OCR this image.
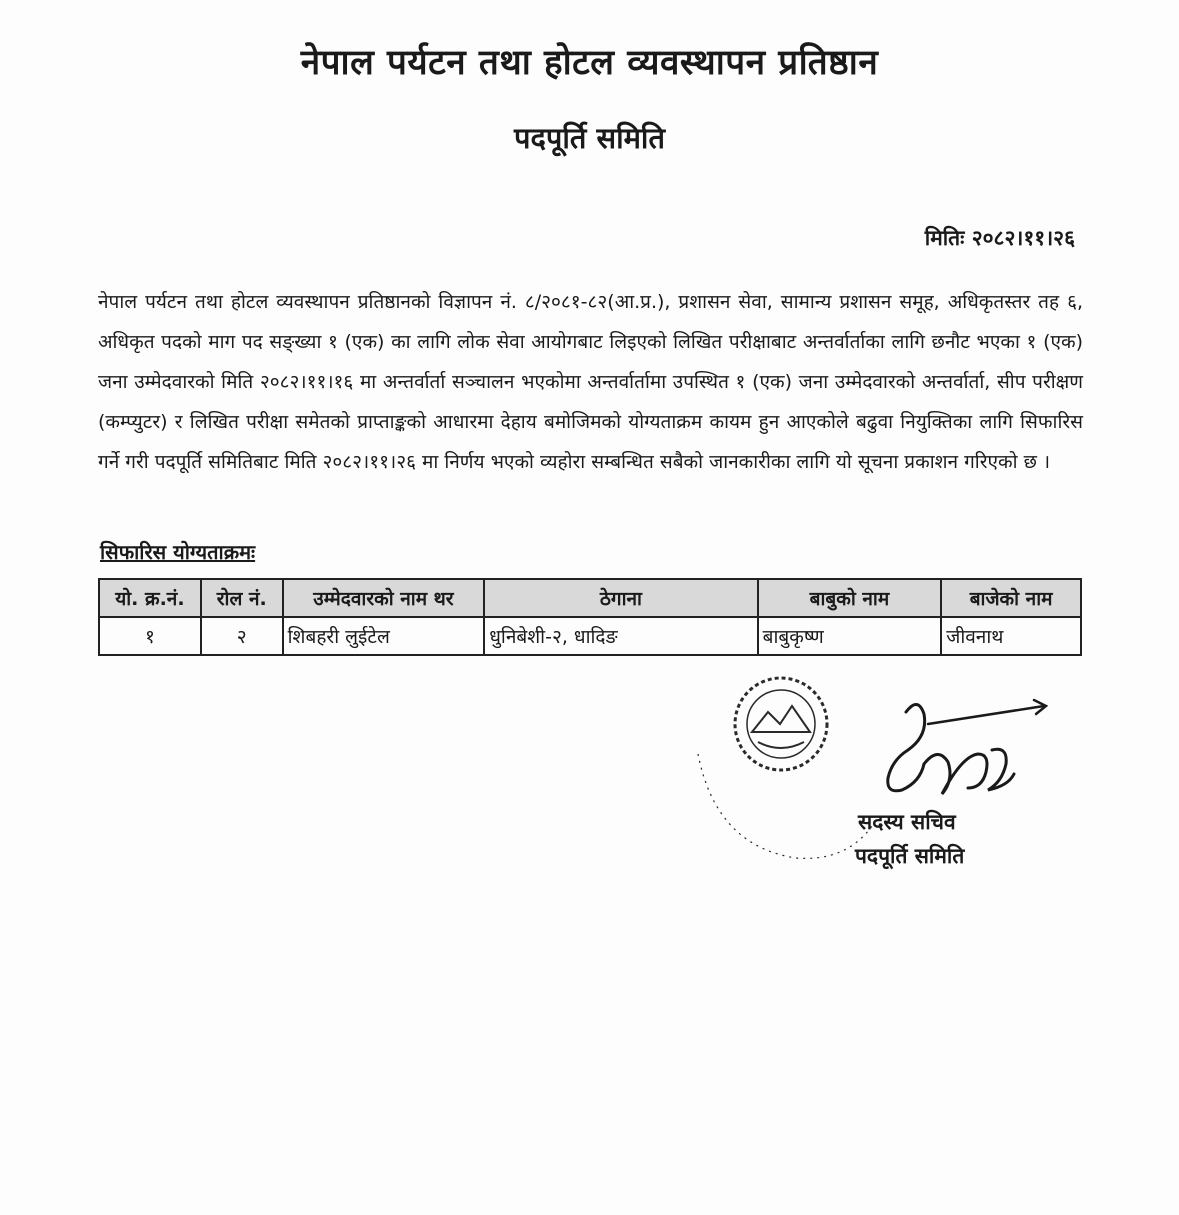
नेपाल पर्यटन तथा होटल व्यवस्थापन प्रतिष्ठान
पदपूर्ति समिति
मितिः २०८२।११।२६
नेपाल पर्यटन तथा होटल व्यवस्थापन प्रतिष्ठानको विज्ञापन नं. ८/२०८१-८२(आ.प्र.), प्रशासन सेवा, सामान्य प्रशासन समूह, अधिकृतस्तर तह ६, अधिकृत पदको माग पद सङ्ख्या १ (एक) का लागि लोक सेवा आयोगबाट लिइएको लिखित परीक्षाबाट अन्तर्वार्ताका लागि छनौट भएका १ (एक) जना उम्मेदवारको मिति २०८२।११।१६ मा अन्तर्वार्ता सञ्चालन भएकोमा अन्तर्वार्तामा उपस्थित १ (एक) जना उम्मेदवारको अन्तर्वार्ता, सीप परीक्षण (कम्प्युटर) र लिखित परीक्षा समेतको प्राप्ताङ्कको आधारमा देहाय बमोजिमको योग्यताक्रम कायम हुन आएकोले बढुवा नियुक्तिका लागि सिफारिस गर्ने गरी पदपूर्ति समितिबाट मिति २०८२।११।२६ मा निर्णय भएको व्यहोरा सम्बन्धित सबैको जानकारीका लागि यो सूचना प्रकाशन गरिएको छ ।
सिफारिस योग्यताक्रमः
यो. क्र.नं.	रोल नं.	उम्मेदवारको नाम थर	ठेगाना	बाबुको नाम	बाजेको नाम
१	२	शिबहरी लुईटेल	धुनिबेशी-२, धादिङ	बाबुकृष्ण	जीवनाथ
सदस्य सचिव
पदपूर्ति समिति
